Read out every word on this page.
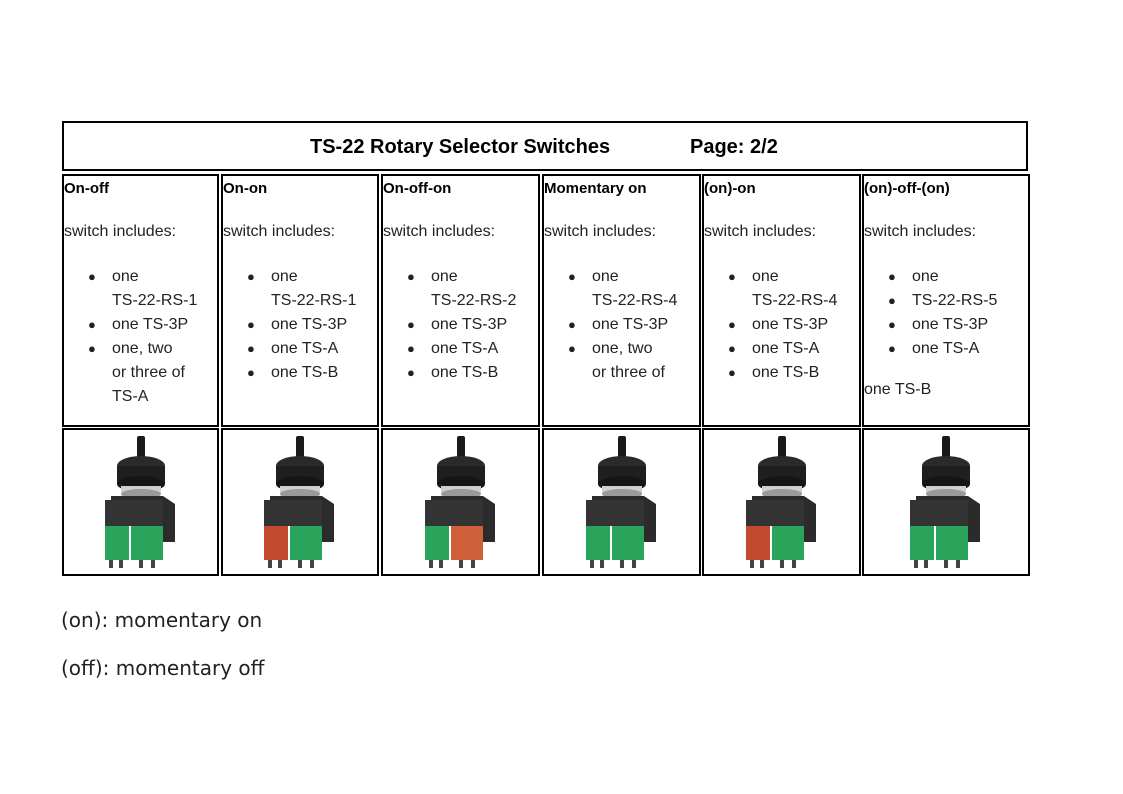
TS-22 Rotary Selector Switches	Page: 2/2
On-off
switch includes:
● one
TS-22-RS-1
● one TS-3P
● one, two
or three of
TS-A
On-on
switch includes:
● one
TS-22-RS-1
● one TS-3P
● one TS-A
● one TS-B
On-off-on
switch includes:
● one
TS-22-RS-2
● one TS-3P
● one TS-A
● one TS-B
Momentary on
switch includes:
● one
TS-22-RS-4
● one TS-3P
● one, two
or three of
(on)-on
switch includes:
● one
TS-22-RS-4
● one TS-3P
● one TS-A
● one TS-B
(on)-off-(on)
switch includes:
● one
● TS-22-RS-5
● one TS-3P
● one TS-A
one TS-B
(on): momentary on
(off): momentary off
